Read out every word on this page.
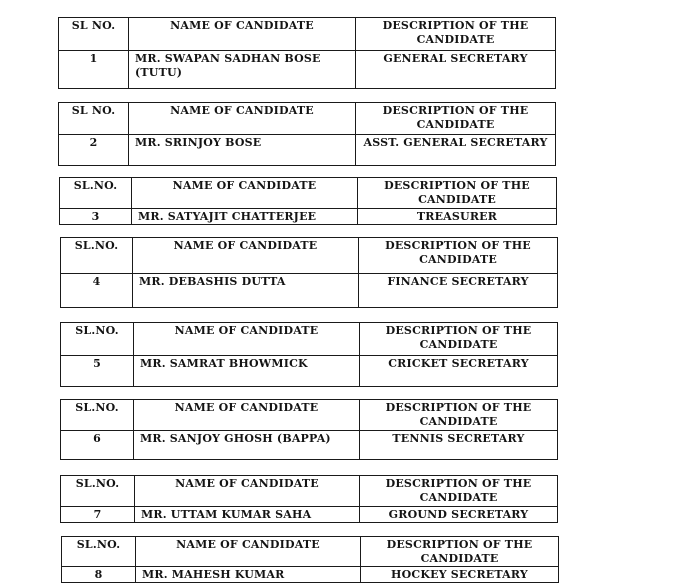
SL NO.	NAME OF CANDIDATE	DESCRIPTION OF THE CANDIDATE
1	MR. SWAPAN SADHAN BOSE (TUTU)	GENERAL SECRETARY
SL NO.	NAME OF CANDIDATE	DESCRIPTION OF THE CANDIDATE
2	MR. SRINJOY BOSE	ASST. GENERAL SECRETARY
SL.NO.	NAME OF CANDIDATE	DESCRIPTION OF THE CANDIDATE
3	MR. SATYAJIT CHATTERJEE	TREASURER
SL.NO.	NAME OF CANDIDATE	DESCRIPTION OF THE CANDIDATE
4	MR. DEBASHIS DUTTA	FINANCE SECRETARY
SL.NO.	NAME OF CANDIDATE	DESCRIPTION OF THE CANDIDATE
5	MR. SAMRAT BHOWMICK	CRICKET SECRETARY
SL.NO.	NAME OF CANDIDATE	DESCRIPTION OF THE CANDIDATE
6	MR. SANJOY GHOSH (BAPPA)	TENNIS SECRETARY
SL.NO.	NAME OF CANDIDATE	DESCRIPTION OF THE CANDIDATE
7	MR. UTTAM KUMAR SAHA	GROUND SECRETARY
SL.NO.	NAME OF CANDIDATE	DESCRIPTION OF THE CANDIDATE
8	MR. MAHESH KUMAR	HOCKEY SECRETARY
